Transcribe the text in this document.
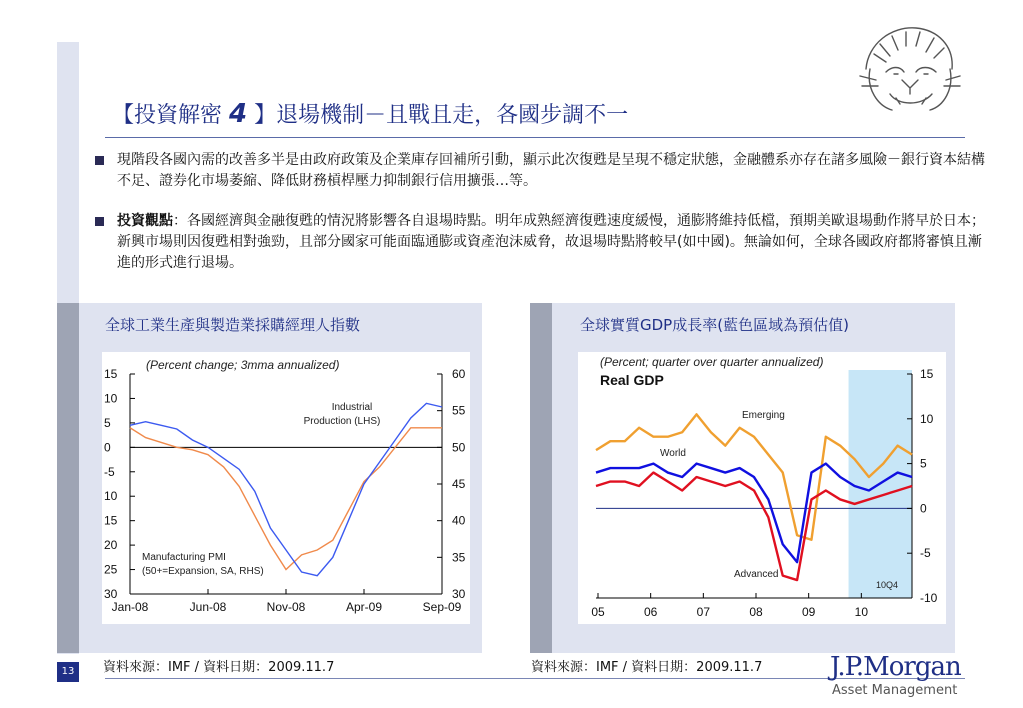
【投資解密 4 】退場機制－且戰且走，各國步調不一
現階段各國內需的改善多半是由政府政策及企業庫存回補所引動，顯示此次復甦是呈現不穩定狀態，金融體系亦存在諸多風險－銀行資本結構不足、證券化市場萎縮、降低財務槓桿壓力抑制銀行信用擴張…等。
投資觀點：各國經濟與金融復甦的情況將影響各自退場時點。明年成熟經濟復甦速度緩慢，通膨將維持低檔，預期美歐退場動作將早於日本；新興市場則因復甦相對強勁，且部分國家可能面臨通膨或資產泡沫威脅，故退場時點將較早(如中國)。無論如何，全球各國政府都將審慎且漸進的形式進行退場。
全球工業生產與製造業採購經理人指數
(Percent change; 3mma annualized)
15
10
5
0
-5
10
15
20
25
30
60
55
50
45
40
35
30
Jan-08	Jun-08	Nov-08	Apr-09	Sep-09
Industrial
Production (LHS)
Manufacturing PMI
(50+=Expansion, SA, RHS)
資料來源：IMF / 資料日期：2009.11.7
全球實質GDP成長率(藍色區域為預估值)
(Percent; quarter over quarter annualized)
Real GDP	15
10
5
0
-5
-10
05	06	07	08	09	10
Emerging
World
Advanced
10Q4
資料來源：IMF / 資料日期：2009.11.7
13	J.P.Morgan
Asset Management
